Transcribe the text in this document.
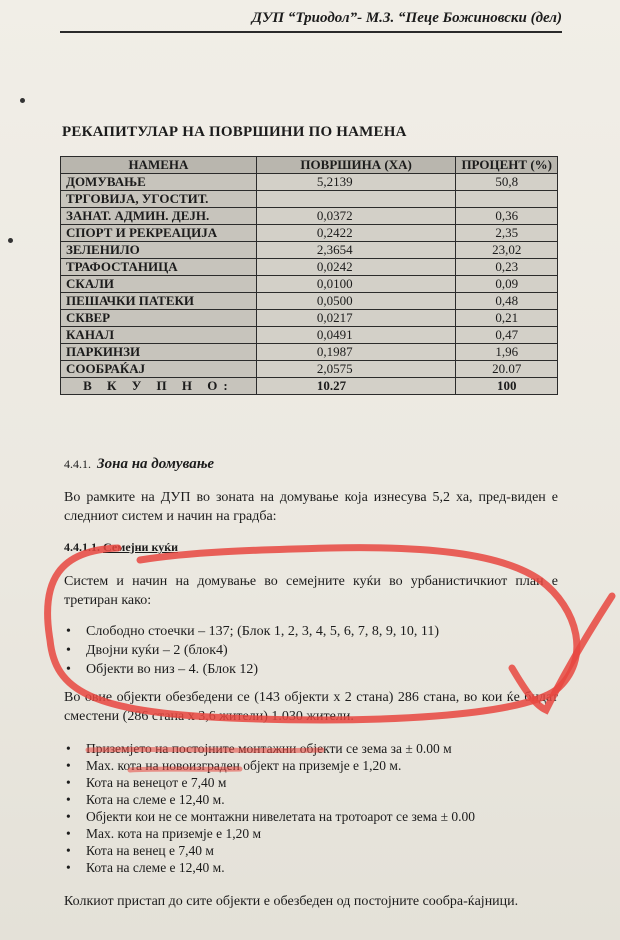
ДУП “Триодол”- М.З. “Пеце Божиновски (дел)
РЕКАПИТУЛАР НА ПОВРШИНИ ПО НАМЕНА
НАМЕНА	ПОВРШИНА (ХА)	ПРОЦЕНТ (%)
ДОМУВАЊЕ	5,2139	50,8
ТРГОВИЈА, УГОСТИТ.		
ЗАНАТ. АДМИН. ДЕЈН.	0,0372	0,36
СПОРТ И РЕКРЕАЦИЈА	0,2422	2,35
ЗЕЛЕНИЛО	2,3654	23,02
ТРАФОСТАНИЦА	0,0242	0,23
СКАЛИ	0,0100	0,09
ПЕШАЧКИ ПАТЕКИ	0,0500	0,48
СКВЕР	0,0217	0,21
КАНАЛ	0,0491	0,47
ПАРКИНЗИ	0,1987	1,96
СООБРАЌАЈ	2,0575	20.07
В К У П Н О:	10.27	100
4.4.1. Зона на домување
Во рамките на ДУП во зоната на домување која изнесува 5,2 ха, пред-виден е следниот систем и начин на градба:
4.4.1.1. Семејни куќи
Систем и начин на домување во семејните куќи во урбанистичкиот план е третиран како:
• Слободно стоечки – 137; (Блок 1, 2, 3, 4, 5, 6, 7, 8, 9, 10, 11)
• Двојни куќи – 2 (блок4)
• Објекти во низ – 4. (Блок 12)
Во овие објекти обезбедени се (143 објекти х 2 стана) 286 стана, во кои ќе бидат сместени (286 стана х 3,6 жители) 1.030 жители.
• Приземјето на постојните монтажни објекти се зема за ± 0.00 м
• Мах. кота на новоизграден објект на приземје е 1,20 м.
• Кота на венецот е 7,40 м
• Кота на слеме е 12,40 м.
• Објекти кои не се монтажни нивелетата на тротоарот се зема ± 0.00
• Мах. кота на приземје е 1,20 м
• Кота на венец е 7,40 м
• Кота на слеме е 12,40 м.
Колкиот пристап до сите објекти е обезбеден од постојните сообра-ќајници.
